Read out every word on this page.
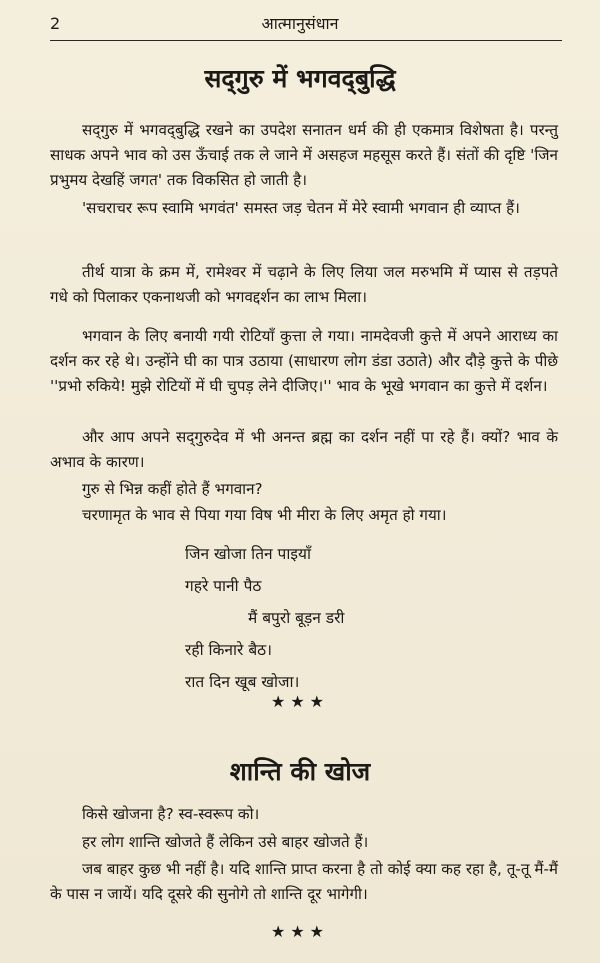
2	आत्मानुसंधान
सद्‌गुरु में भगवद्‌बुद्धि

सद्‌गुरु में भगवद्‌बुद्धि रखने का उपदेश सनातन धर्म की ही एकमात्र विशेषता है। परन्तु साधक अपने भाव को उस ऊँचाई तक ले जाने में असहज महसूस करते हैं। संतों की दृष्टि 'जिन प्रभुमय देखहिं जगत' तक विकसित हो जाती है।

'सचराचर रूप स्वामि भगवंत' समस्त जड़ चेतन में मेरे स्वामी भगवान ही व्याप्त हैं।

तीर्थ यात्रा के क्रम में, रामेश्वर में चढ़ाने के लिए लिया जल मरुभमि में प्यास से तड़पते गधे को पिलाकर एकनाथजी को भगवद्दर्शन का लाभ मिला।

भगवान के लिए बनायी गयी रोटियाँ कुत्ता ले गया। नामदेवजी कुत्ते में अपने आराध्य का दर्शन कर रहे थे। उन्होंने घी का पात्र उठाया (साधारण लोग डंडा उठाते) और दौड़े कुत्ते के पीछे ''प्रभो रुकिये! मुझे रोटियों में घी चुपड़ लेने दीजिए।'' भाव के भूखे भगवान का कुत्ते में दर्शन।

और आप अपने सद्‌गुरुदेव में भी अनन्त ब्रह्म का दर्शन नहीं पा रहे हैं। क्यों? भाव के अभाव के कारण।

गुरु से भिन्न कहीं होते हैं भगवान?

चरणामृत के भाव से पिया गया विष भी मीरा के लिए अमृत हो गया।

जिन खोजा तिन पाइयाँ
गहरे पानी पैठ
मैं बपुरो बूड़न डरी
रही किनारे बैठ।
रात दिन खूब खोजा।
★★★
शान्ति की खोज

किसे खोजना है? स्व-स्वरूप को।

हर लोग शान्ति खोजते हैं लेकिन उसे बाहर खोजते हैं।

जब बाहर कुछ भी नहीं है। यदि शान्ति प्राप्त करना है तो कोई क्या कह रहा है, तू-तू मैं-मैं के पास न जायें। यदि दूसरे की सुनोगे तो शान्ति दूर भागेगी।

★★★
